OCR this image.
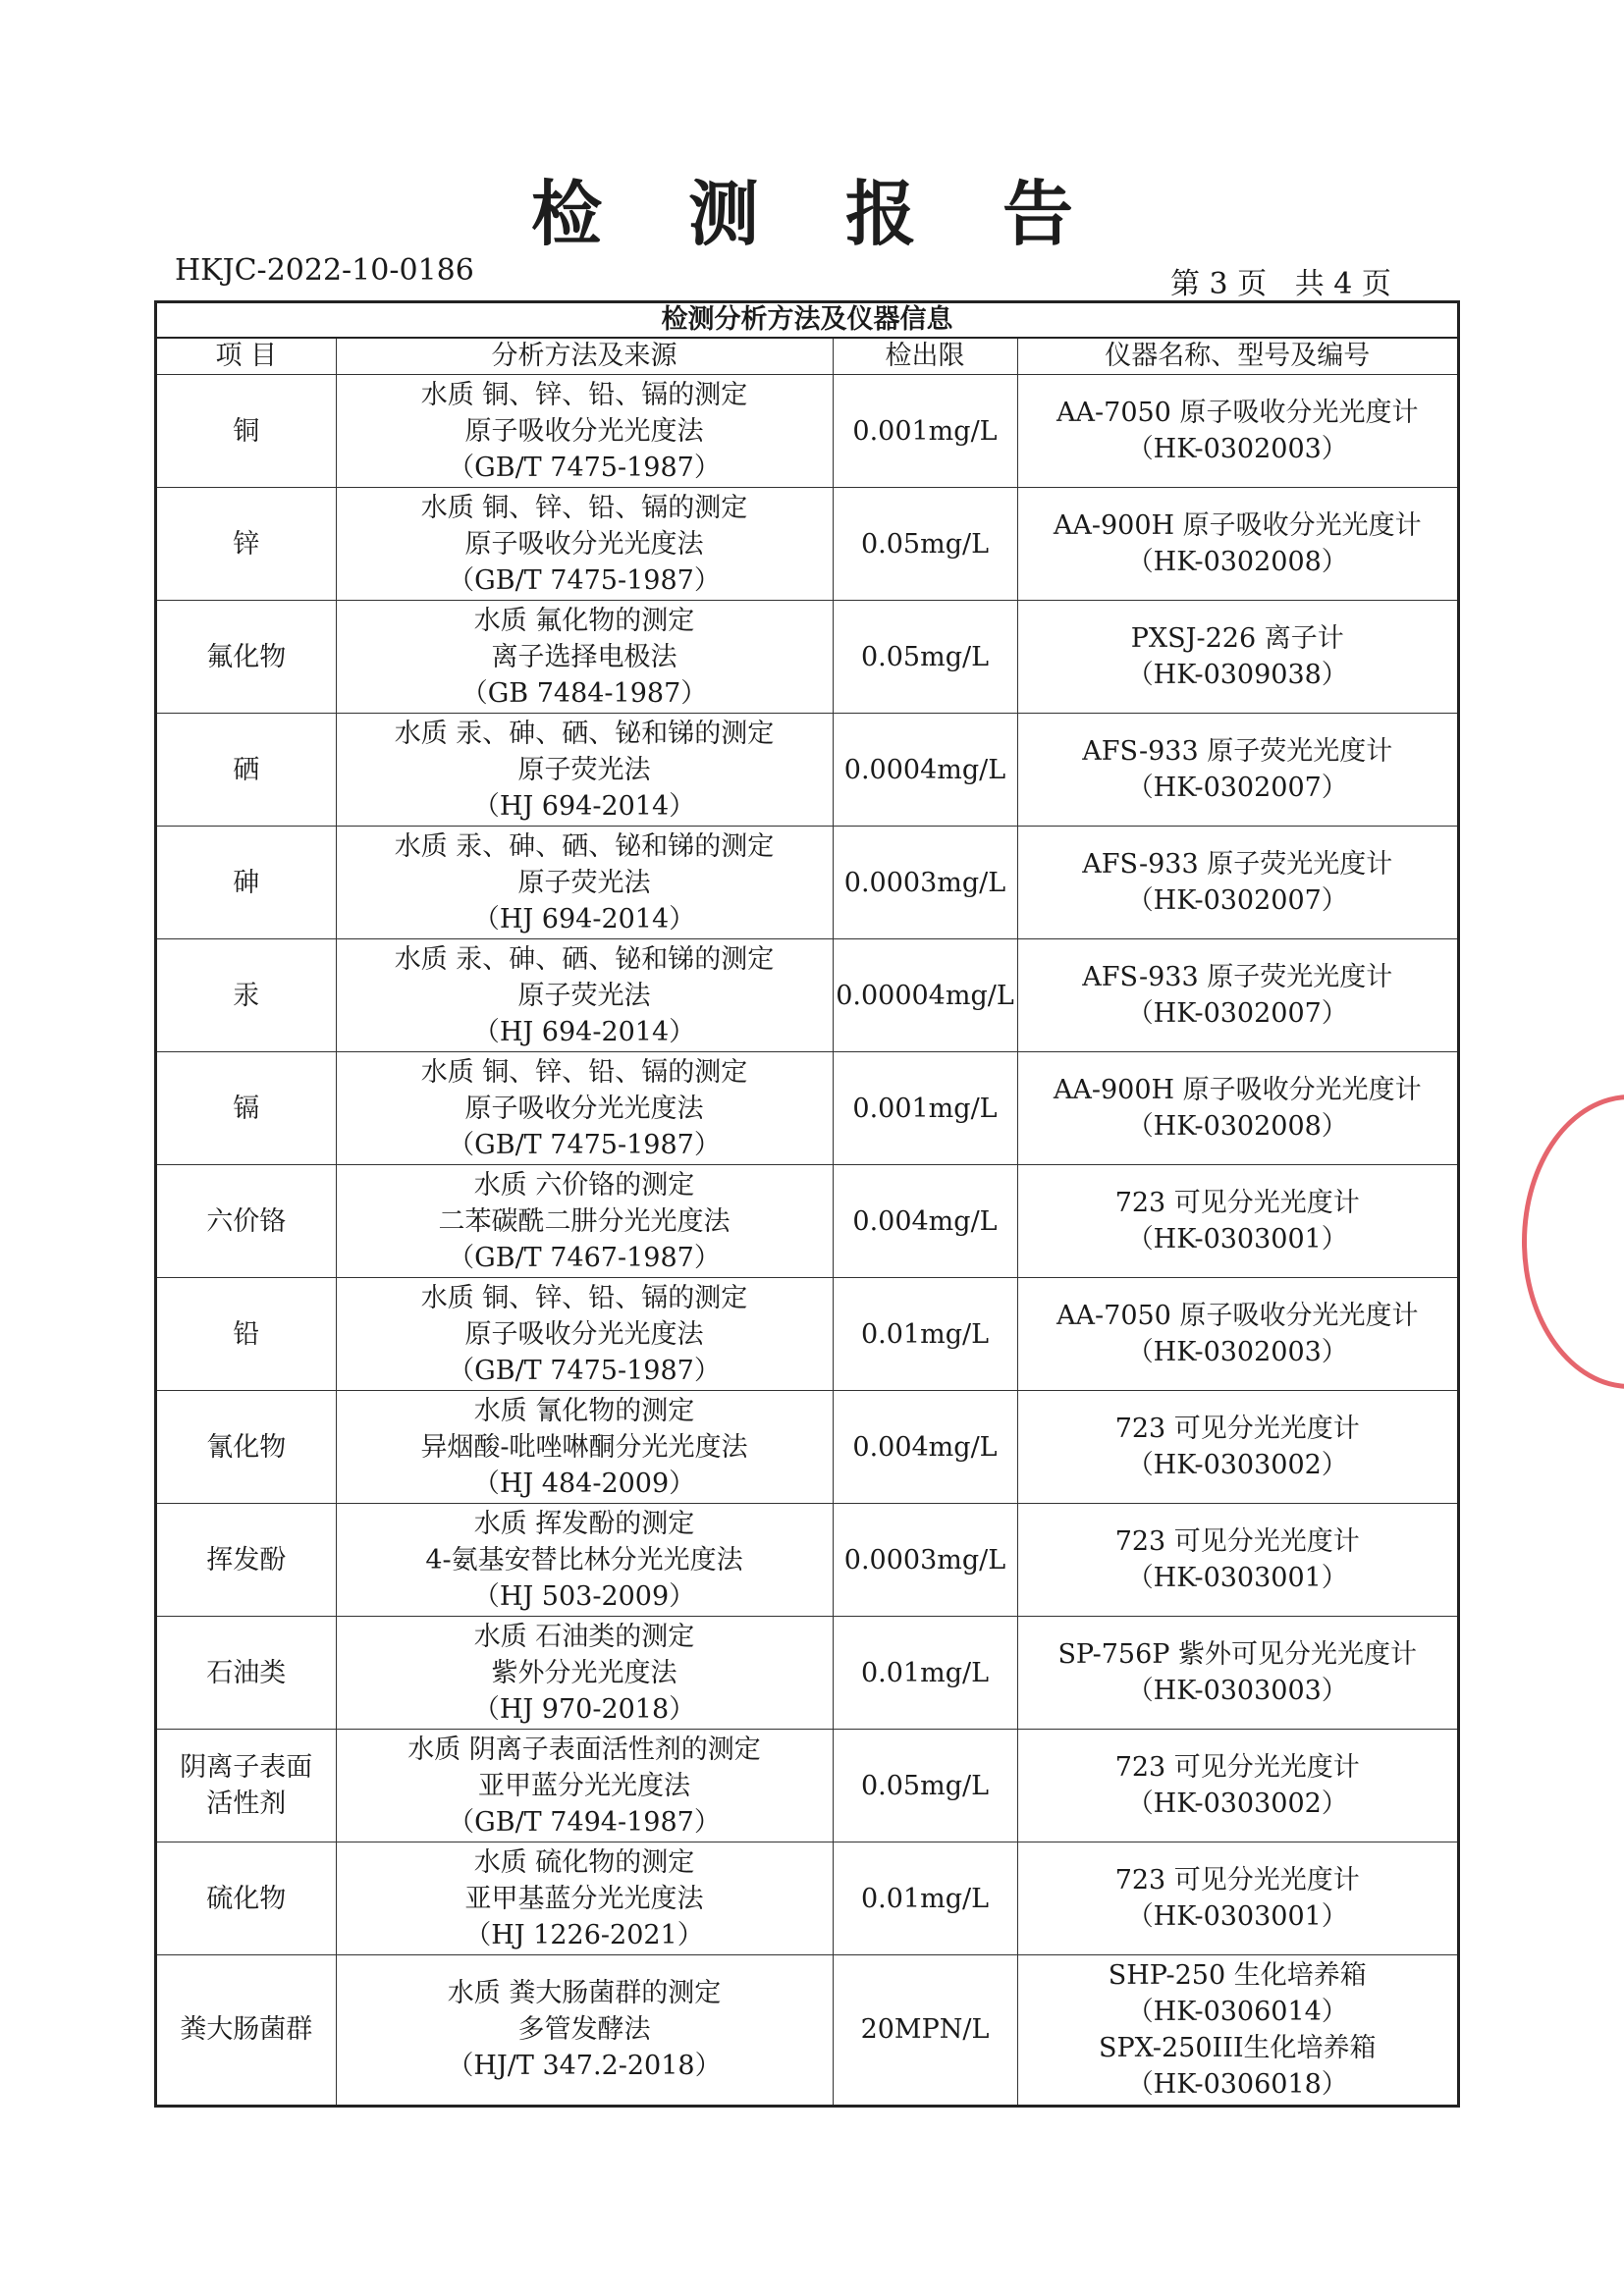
检 测 报 告
HKJC-2022-10-0186	第 3 页   共 4 页
检测分析方法及仪器信息
项 目	分析方法及来源	检出限	仪器名称、型号及编号

铜	水质 铜、锌、铅、镉的测定
原子吸收分光光度法
（GB/T 7475-1987）	0.001mg/L	AA-7050 原子吸收分光光度计
（HK-0302003）

锌	水质 铜、锌、铅、镉的测定
原子吸收分光光度法
（GB/T 7475-1987）	0.05mg/L	AA-900H 原子吸收分光光度计
（HK-0302008）

氟化物	水质 氟化物的测定
离子选择电极法
（GB 7484-1987）	0.05mg/L	PXSJ-226 离子计
（HK-0309038）

硒	水质 汞、砷、硒、铋和锑的测定
原子荧光法
（HJ 694-2014）	0.0004mg/L	AFS-933 原子荧光光度计
（HK-0302007）

砷	水质 汞、砷、硒、铋和锑的测定
原子荧光法
（HJ 694-2014）	0.0003mg/L	AFS-933 原子荧光光度计
（HK-0302007）

汞	水质 汞、砷、硒、铋和锑的测定
原子荧光法
（HJ 694-2014）	0.00004mg/L	AFS-933 原子荧光光度计
（HK-0302007）

镉	水质 铜、锌、铅、镉的测定
原子吸收分光光度法
（GB/T 7475-1987）	0.001mg/L	AA-900H 原子吸收分光光度计
（HK-0302008）

六价铬	水质 六价铬的测定
二苯碳酰二肼分光光度法
（GB/T 7467-1987）	0.004mg/L	723 可见分光光度计
（HK-0303001）

铅	水质 铜、锌、铅、镉的测定
原子吸收分光光度法
（GB/T 7475-1987）	0.01mg/L	AA-7050 原子吸收分光光度计
（HK-0302003）

氰化物	水质 氰化物的测定
异烟酸-吡唑啉酮分光光度法
（HJ 484-2009）	0.004mg/L	723 可见分光光度计
（HK-0303002）

挥发酚	水质 挥发酚的测定
4-氨基安替比林分光光度法
（HJ 503-2009）	0.0003mg/L	723 可见分光光度计
（HK-0303001）

石油类	水质 石油类的测定
紫外分光光度法
（HJ 970-2018）	0.01mg/L	SP-756P 紫外可见分光光度计
（HK-0303003）

阴离子表面
活性剂	水质 阴离子表面活性剂的测定
亚甲蓝分光光度法
（GB/T 7494-1987）	0.05mg/L	723 可见分光光度计
（HK-0303002）

硫化物	水质 硫化物的测定
亚甲基蓝分光光度法
（HJ 1226-2021）	0.01mg/L	723 可见分光光度计
（HK-0303001）

粪大肠菌群	水质 粪大肠菌群的测定
多管发酵法
（HJ/T 347.2-2018）	20MPN/L	SHP-250 生化培养箱
（HK-0306014）
SPX-250III生化培养箱
（HK-0306018）
